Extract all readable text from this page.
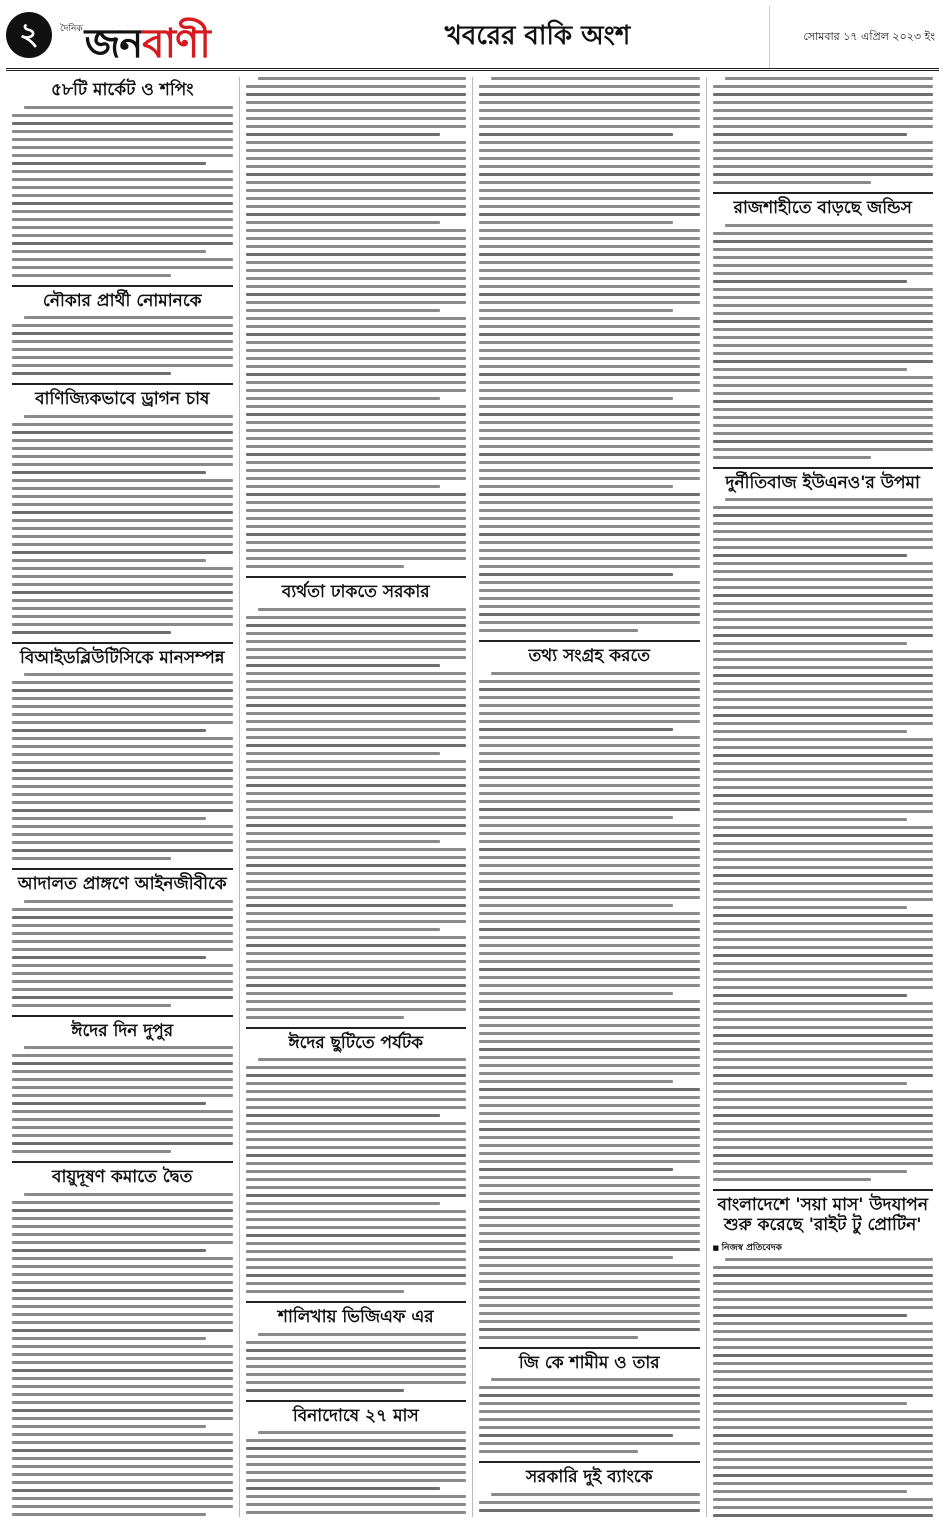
২	দৈনিক জনবাণী	খবরের বাকি অংশ	সোমবার ১৭ এপ্রিল ২০২৩ ইং
৫৮টি মার্কেট ও শপিং
নৌকার প্রার্থী নোমানকে
বাণিজ্যিকভাবে ড্রাগন চাষ
বিআইডব্লিউটিসিকে মানসম্পন্ন
আদালত প্রাঙ্গণে আইনজীবীকে
ঈদের দিন দুপুর
বায়ুদূষণ কমাতে দ্বৈত
ব্যর্থতা ঢাকতে সরকার
ঈদের ছুটিতে পর্যটক
শালিখায় ভিজিএফ এর
বিনাদোষে ২৭ মাস
তথ্য সংগ্রহ করতে
জি কে শামীম ও তার
সরকারি দুই ব্যাংকে
রাজশাহীতে বাড়ছে জন্ডিস
দুর্নীতিবাজ ইউএনও'র উপমা
বাংলাদেশে 'সয়া মাস' উদযাপন শুরু করেছে 'রাইট টু প্রোটিন'
■ নিজস্ব প্রতিবেদক
